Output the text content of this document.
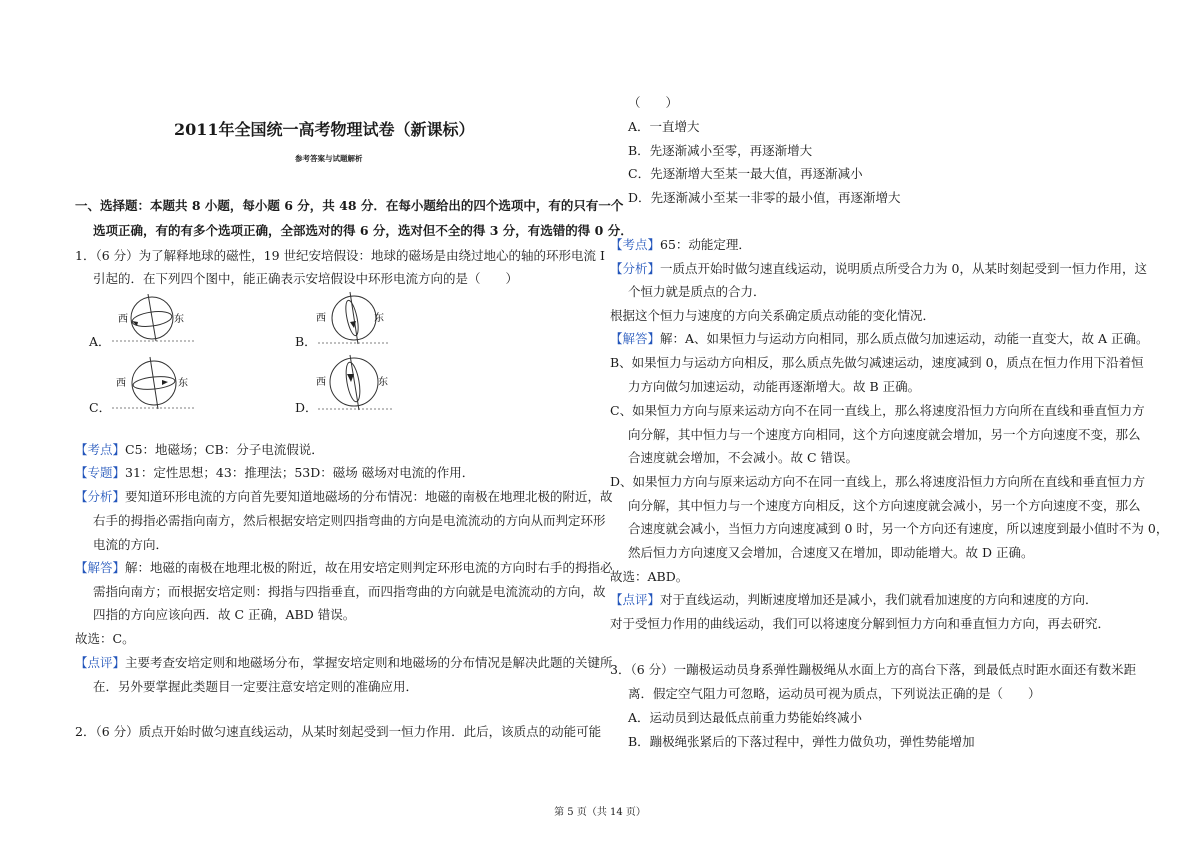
2011年全国统一高考物理试卷（新课标）
参考答案与试题解析
一、选择题：本题共 8 小题，每小题 6 分，共 48 分．在每小题给出的四个选项中，有的只有一个
选项正确，有的有多个选项正确，全部选对的得 6 分，选对但不全的得 3 分，有选错的得 0 分．
1．（6 分）为了解释地球的磁性，19 世纪安培假设：地球的磁场是由绕过地心的轴的环形电流 I
引起的．在下列四个图中，能正确表示安培假设中环形电流方向的是（　　）
A．
西	东
B．
西	东
C．
西	东
D．
西	东
【考点】C5：地磁场；CB：分子电流假说．
【专题】31：定性思想；43：推理法；53D：磁场 磁场对电流的作用．
【分析】要知道环形电流的方向首先要知道地磁场的分布情况：地磁的南极在地理北极的附近，故
右手的拇指必需指向南方，然后根据安培定则四指弯曲的方向是电流流动的方向从而判定环形
电流的方向．
【解答】解：地磁的南极在地理北极的附近，故在用安培定则判定环形电流的方向时右手的拇指必
需指向南方；而根据安培定则：拇指与四指垂直，而四指弯曲的方向就是电流流动的方向，故
四指的方向应该向西．故 C 正确，ABD 错误。
故选：C。
【点评】主要考查安培定则和地磁场分布，掌握安培定则和地磁场的分布情况是解决此题的关键所
在．另外要掌握此类题目一定要注意安培定则的准确应用．
2．（6 分）质点开始时做匀速直线运动，从某时刻起受到一恒力作用．此后，该质点的动能可能
（　　）
A．一直增大
B．先逐渐减小至零，再逐渐增大
C．先逐渐增大至某一最大值，再逐渐减小
D．先逐渐减小至某一非零的最小值，再逐渐增大
【考点】65：动能定理．
【分析】一质点开始时做匀速直线运动，说明质点所受合力为 0，从某时刻起受到一恒力作用，这
个恒力就是质点的合力．
根据这个恒力与速度的方向关系确定质点动能的变化情况．
【解答】解：A、如果恒力与运动方向相同，那么质点做匀加速运动，动能一直变大，故 A 正确。
B、如果恒力与运动方向相反，那么质点先做匀减速运动，速度减到 0，质点在恒力作用下沿着恒
力方向做匀加速运动，动能再逐渐增大。故 B 正确。
C、如果恒力方向与原来运动方向不在同一直线上，那么将速度沿恒力方向所在直线和垂直恒力方
向分解，其中恒力与一个速度方向相同，这个方向速度就会增加，另一个方向速度不变，那么
合速度就会增加，不会减小。故 C 错误。
D、如果恒力方向与原来运动方向不在同一直线上，那么将速度沿恒力方向所在直线和垂直恒力方
向分解，其中恒力与一个速度方向相反，这个方向速度就会减小，另一个方向速度不变，那么
合速度就会减小，当恒力方向速度减到 0 时，另一个方向还有速度，所以速度到最小值时不为 0，
然后恒力方向速度又会增加，合速度又在增加，即动能增大。故 D 正确。
故选：ABD。
【点评】对于直线运动，判断速度增加还是减小，我们就看加速度的方向和速度的方向．
对于受恒力作用的曲线运动，我们可以将速度分解到恒力方向和垂直恒力方向，再去研究．
3．（6 分）一蹦极运动员身系弹性蹦极绳从水面上方的高台下落，到最低点时距水面还有数米距
离．假定空气阻力可忽略，运动员可视为质点，下列说法正确的是（　　）
A．运动员到达最低点前重力势能始终减小
B．蹦极绳张紧后的下落过程中，弹性力做负功，弹性势能增加
第 5 页（共 14 页）
